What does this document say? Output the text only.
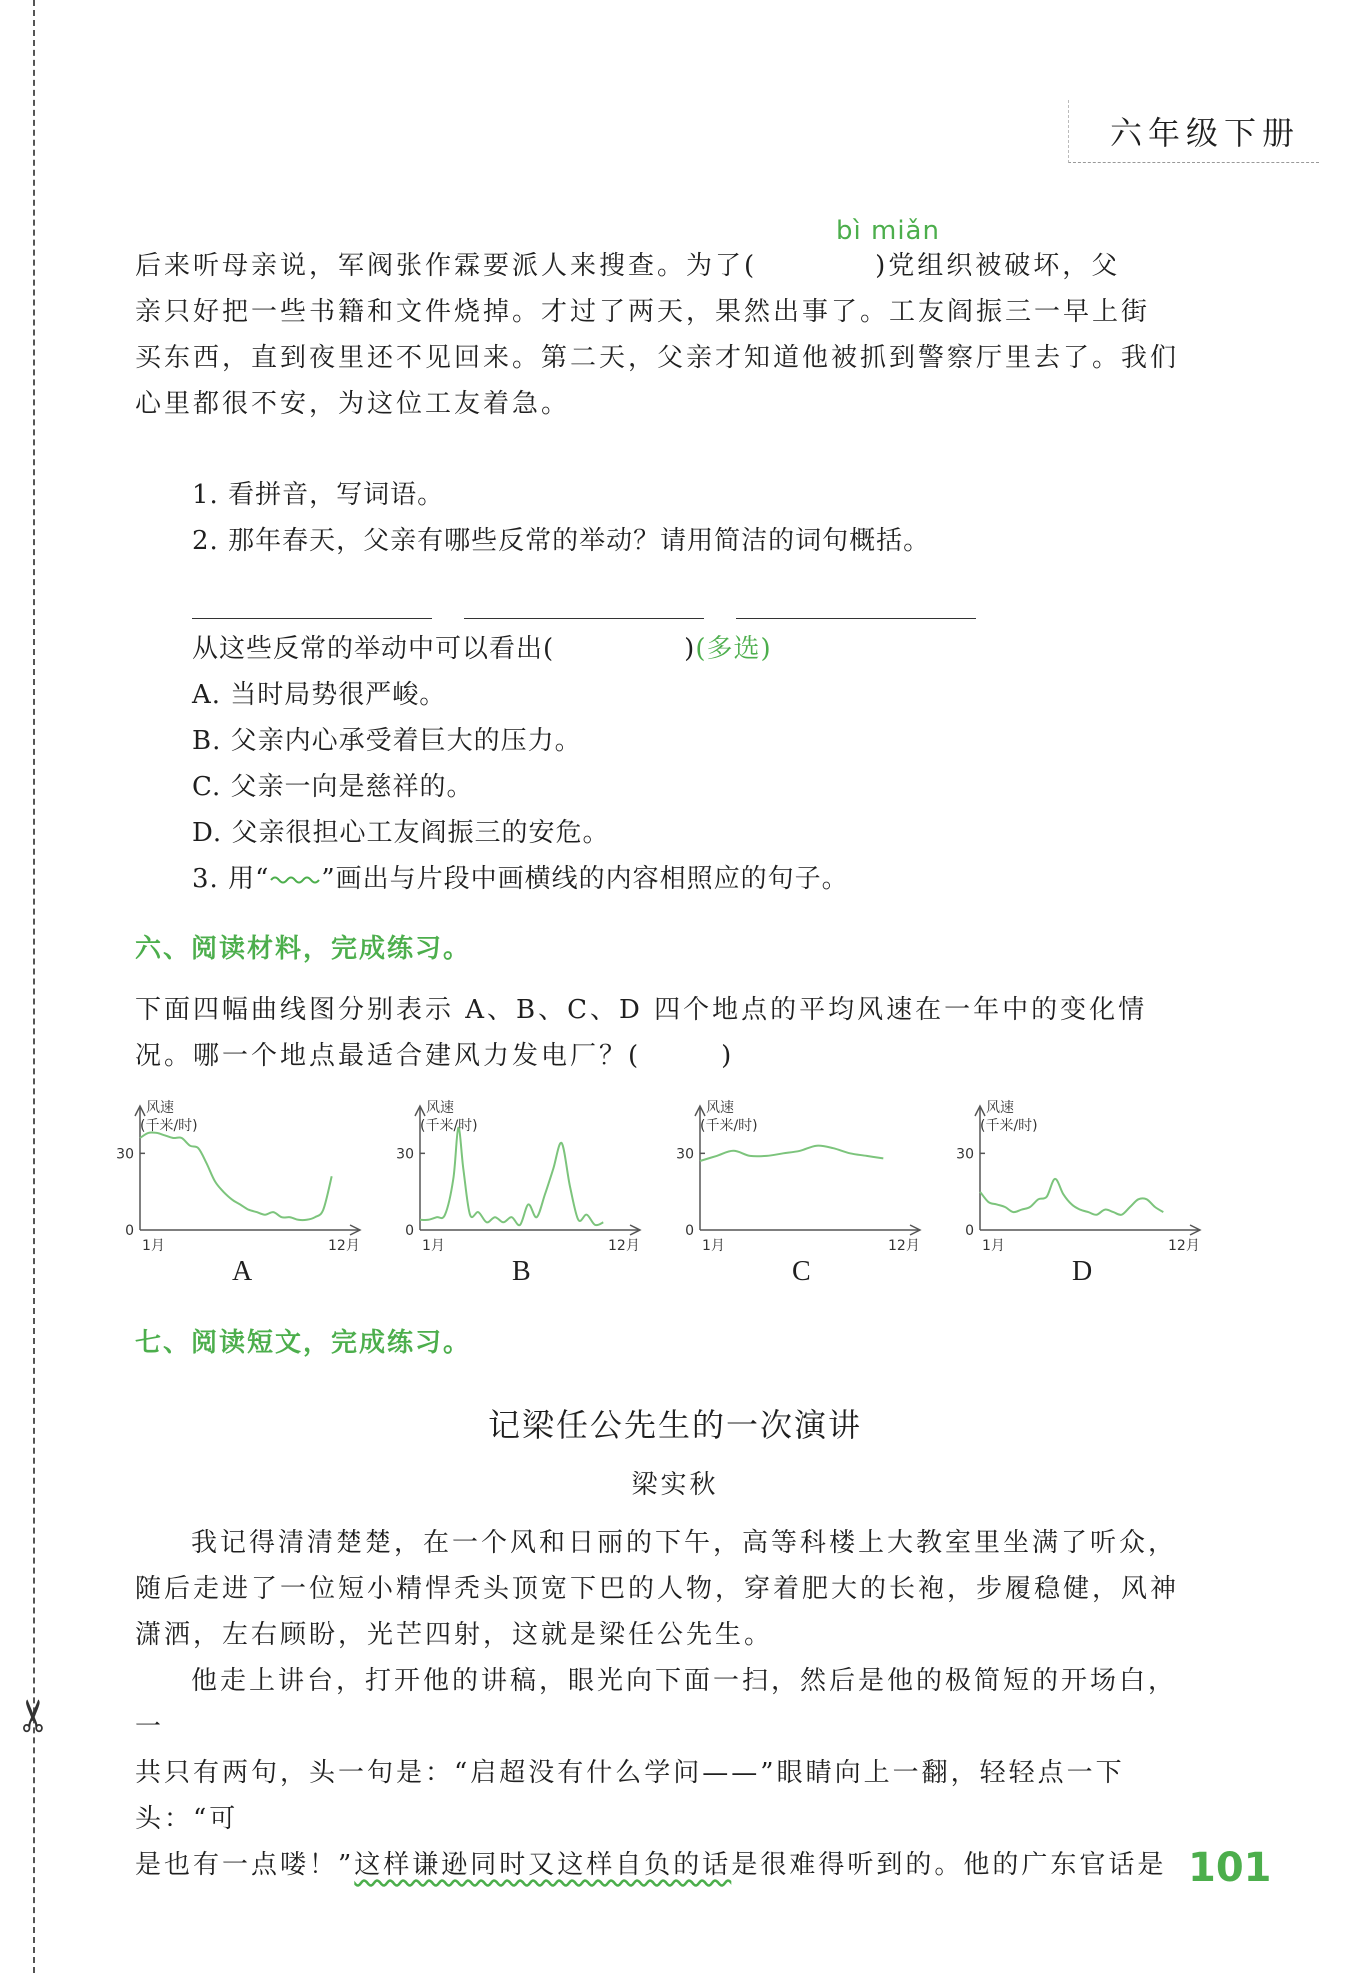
✂
六年级下册
bì miǎn
后来听母亲说，军阀张作霖要派人来搜查。为了(	)党组织被破坏，父
亲只好把一些书籍和文件烧掉。才过了两天，果然出事了。工友阎振三一早上街
买东西，直到夜里还不见回来。第二天，父亲才知道他被抓到警察厅里去了。我们
心里都很不安，为这位工友着急。
1. 看拼音，写词语。
2. 那年春天，父亲有哪些反常的举动？请用简洁的词句概括。
从这些反常的举动中可以看出(	)(多选)
A. 当时局势很严峻。
B. 父亲内心承受着巨大的压力。
C. 父亲一向是慈祥的。
D. 父亲很担心工友阎振三的安危。
3. 用“ ”画出与片段中画横线的内容相照应的句子。
六、阅读材料，完成练习。
下面四幅曲线图分别表示 A、B、C、D 四个地点的平均风速在一年中的变化情
况。哪一个地点最适合建风力发电厂？(	)
30
0
风速
(千米/时)
1月	12月
30
0
风速
(千米/时)
1月	12月
30
0
风速
(千米/时)
1月	12月
30
0
风速
(千米/时)
1月	12月
A	B	C	D
七、阅读短文，完成练习。
记梁任公先生的一次演讲
梁实秋
我记得清清楚楚，在一个风和日丽的下午，高等科楼上大教室里坐满了听众，
随后走进了一位短小精悍秃头顶宽下巴的人物，穿着肥大的长袍，步履稳健，风神
潇洒，左右顾盼，光芒四射，这就是梁任公先生。
他走上讲台，打开他的讲稿，眼光向下面一扫，然后是他的极简短的开场白，一
共只有两句，头一句是：“启超没有什么学问——”眼睛向上一翻，轻轻点一下头：“可
是也有一点喽！”这样谦逊同时又这样自负的话是很难得听到的。他的广东官话是 101
